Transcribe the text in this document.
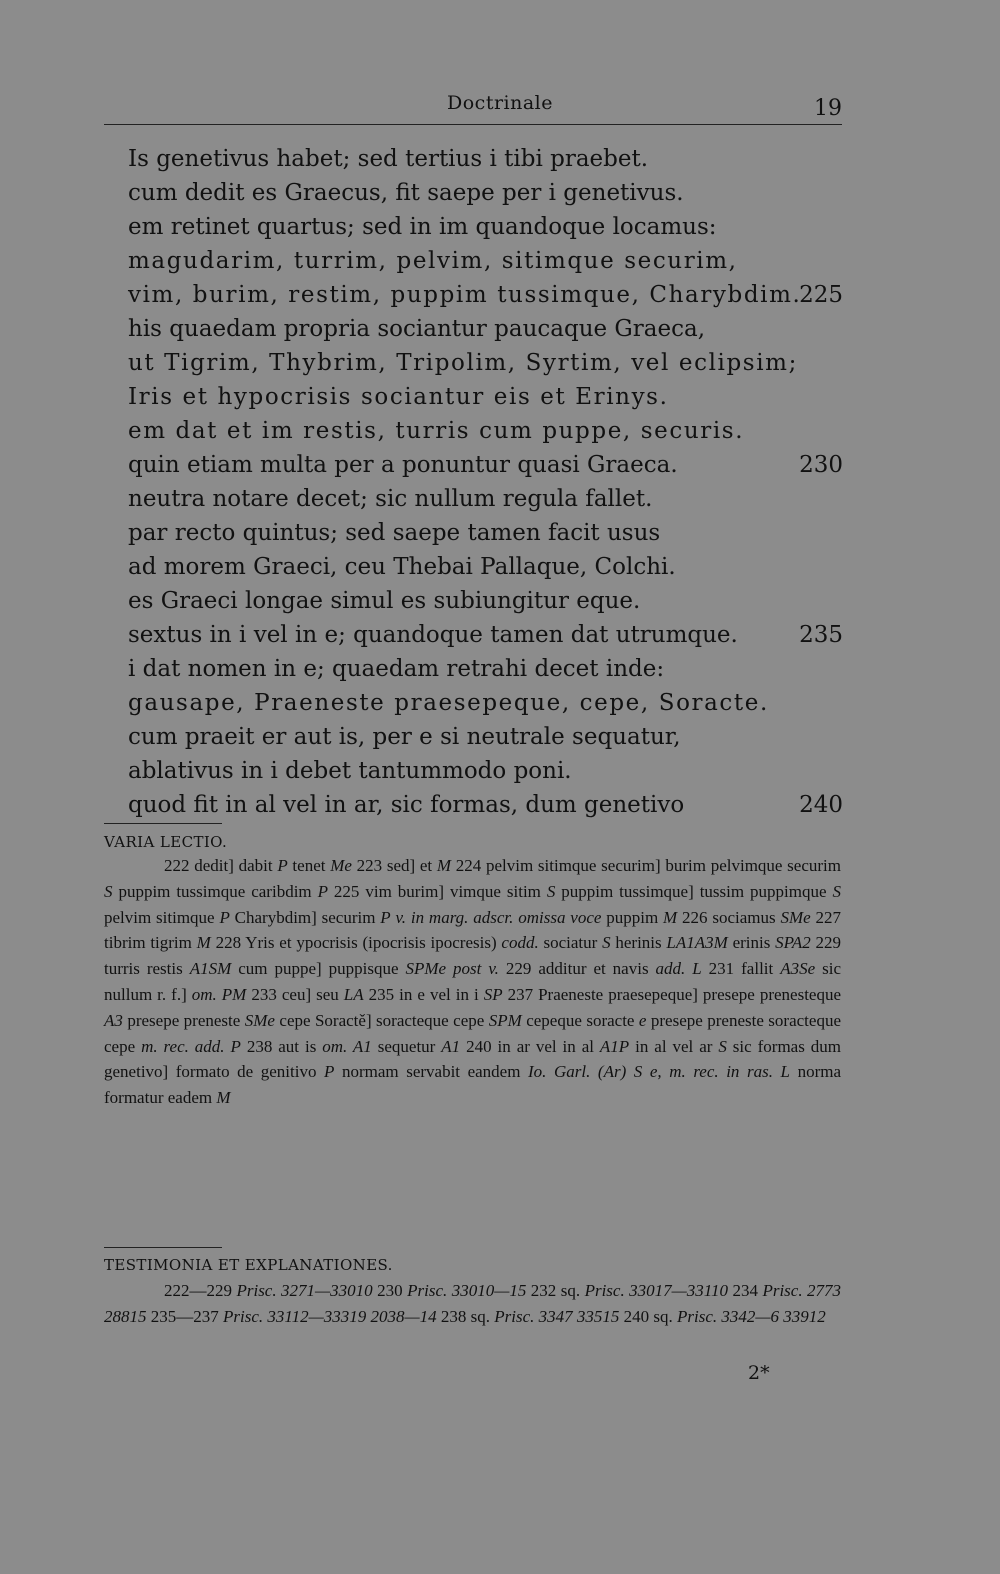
Doctrinale	19
Is genetivus habet; sed tertius i tibi praebet.
cum dedit es Graecus, fit saepe per i genetivus.
em retinet quartus; sed in im quandoque locamus:
magudarim, turrim, pelvim, sitimque securim,
vim, burim, restim, puppim tussimque, Charybdim.
225
his quaedam propria sociantur paucaque Graeca,
ut Tigrim, Thybrim, Tripolim, Syrtim, vel eclipsim;
Iris et hypocrisis sociantur eis et Erinys.
em dat et im restis, turris cum puppe, securis.
quin etiam multa per a ponuntur quasi Graeca.	230
neutra notare decet; sic nullum regula fallet.
par recto quintus; sed saepe tamen facit usus
ad morem Graeci, ceu Thebai Pallaque, Colchi.
es Graeci longae simul es subiungitur eque.
sextus in i vel in e; quandoque tamen dat utrumque.	235
i dat nomen in e; quaedam retrahi decet inde:
gausape, Praeneste praesepeque, cepe, Soracte.
cum praeit er aut is, per e si neutrale sequatur,
ablativus in i debet tantummodo poni.
quod fit in al vel in ar, sic formas, dum genetivo	240
VARIA LECTIO.

222 dedit] dabit P tenet Me 223 sed] et M 224 pelvim sitimque securim] burim pelvimque securim S puppim tussimque caribdim P 225 vim burim] vimque sitim S puppim tussimque] tussim puppimque S pelvim sitimque P Charybdim] securim P v. in marg. adscr. omissa voce puppim M 226 sociamus SMe 227 tibrim tigrim M 228 Yris et ypocrisis (ipocrisis ipocresis) codd. sociatur S herinis LA1A3M erinis SPA2 229 turris restis A1SM cum puppe] puppisque SPMe post v. 229 additur et navis add. L 231 fallit A3Se sic nullum r. f.] om. PM 233 ceu] seu LA 235 in e vel in i SP 237 Praeneste praesepeque] presepe prenesteque A3 presepe preneste SMe cepe Soractě] soracteque cepe SPM cepeque soracte e presepe preneste soracteque cepe m. rec. add. P 238 aut is om. A1 sequetur A1 240 in ar vel in al A1P in al vel ar S sic formas dum genetivo] formato de genitivo P normam servabit eandem Io. Garl. (Ar) S e, m. rec. in ras. L norma formatur eadem M

TESTIMONIA ET EXPLANATIONES.

222—229 Prisc. 3271—33010 230 Prisc. 33010—15 232 sq. Prisc. 33017—33110 234 Prisc. 2773 28815 235—237 Prisc. 33112—33319 2038—14 238 sq. Prisc. 3347 33515 240 sq. Prisc. 3342—6 33912

2*
